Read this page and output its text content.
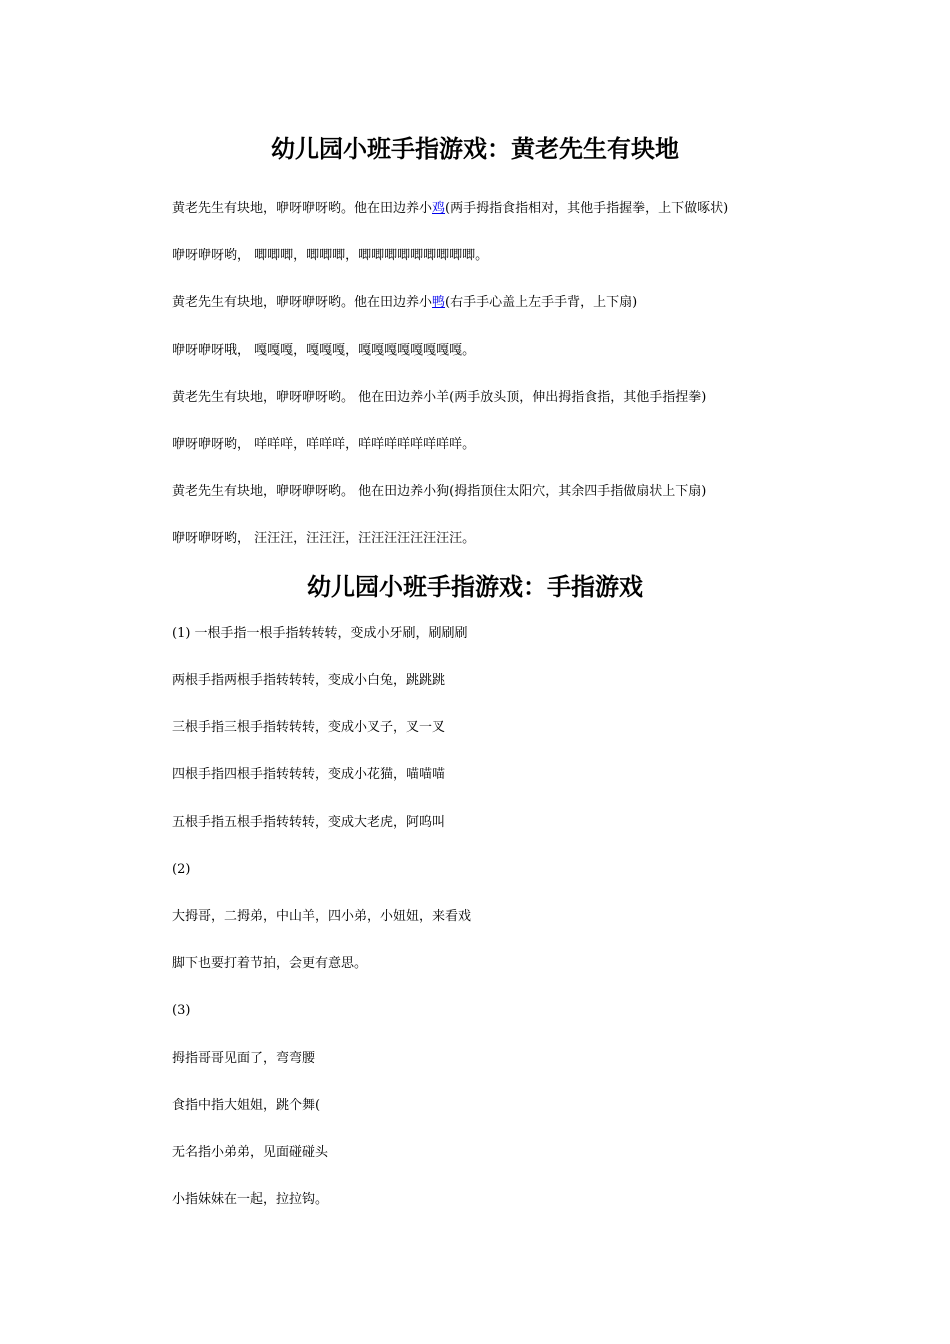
幼儿园小班手指游戏：黄老先生有块地

黄老先生有块地，咿呀咿呀哟。他在田边养小鸡(两手拇指食指相对，其他手指握拳，上下做啄状)

咿呀咿呀哟， 唧唧唧，唧唧唧，唧唧唧唧唧唧唧唧唧。

黄老先生有块地，咿呀咿呀哟。他在田边养小鸭(右手手心盖上左手手背，上下扇)

咿呀咿呀哦， 嘎嘎嘎，嘎嘎嘎，嘎嘎嘎嘎嘎嘎嘎嘎。

黄老先生有块地，咿呀咿呀哟。 他在田边养小羊(两手放头顶，伸出拇指食指，其他手指捏拳)

咿呀咿呀哟， 咩咩咩，咩咩咩，咩咩咩咩咩咩咩咩。

黄老先生有块地，咿呀咿呀哟。 他在田边养小狗(拇指顶住太阳穴，其余四手指做扇状上下扇)

咿呀咿呀哟， 汪汪汪，汪汪汪，汪汪汪汪汪汪汪汪。

幼儿园小班手指游戏：手指游戏

(1) 一根手指一根手指转转转，变成小牙刷，刷刷刷

两根手指两根手指转转转，变成小白兔，跳跳跳

三根手指三根手指转转转，变成小叉子，叉一叉

四根手指四根手指转转转，变成小花猫，喵喵喵

五根手指五根手指转转转，变成大老虎，阿呜叫

(2)

大拇哥，二拇弟，中山羊，四小弟，小妞妞，来看戏

脚下也要打着节拍，会更有意思。

(3)

拇指哥哥见面了，弯弯腰

食指中指大姐姐，跳个舞(

无名指小弟弟，见面碰碰头

小指妹妹在一起，拉拉钩。
